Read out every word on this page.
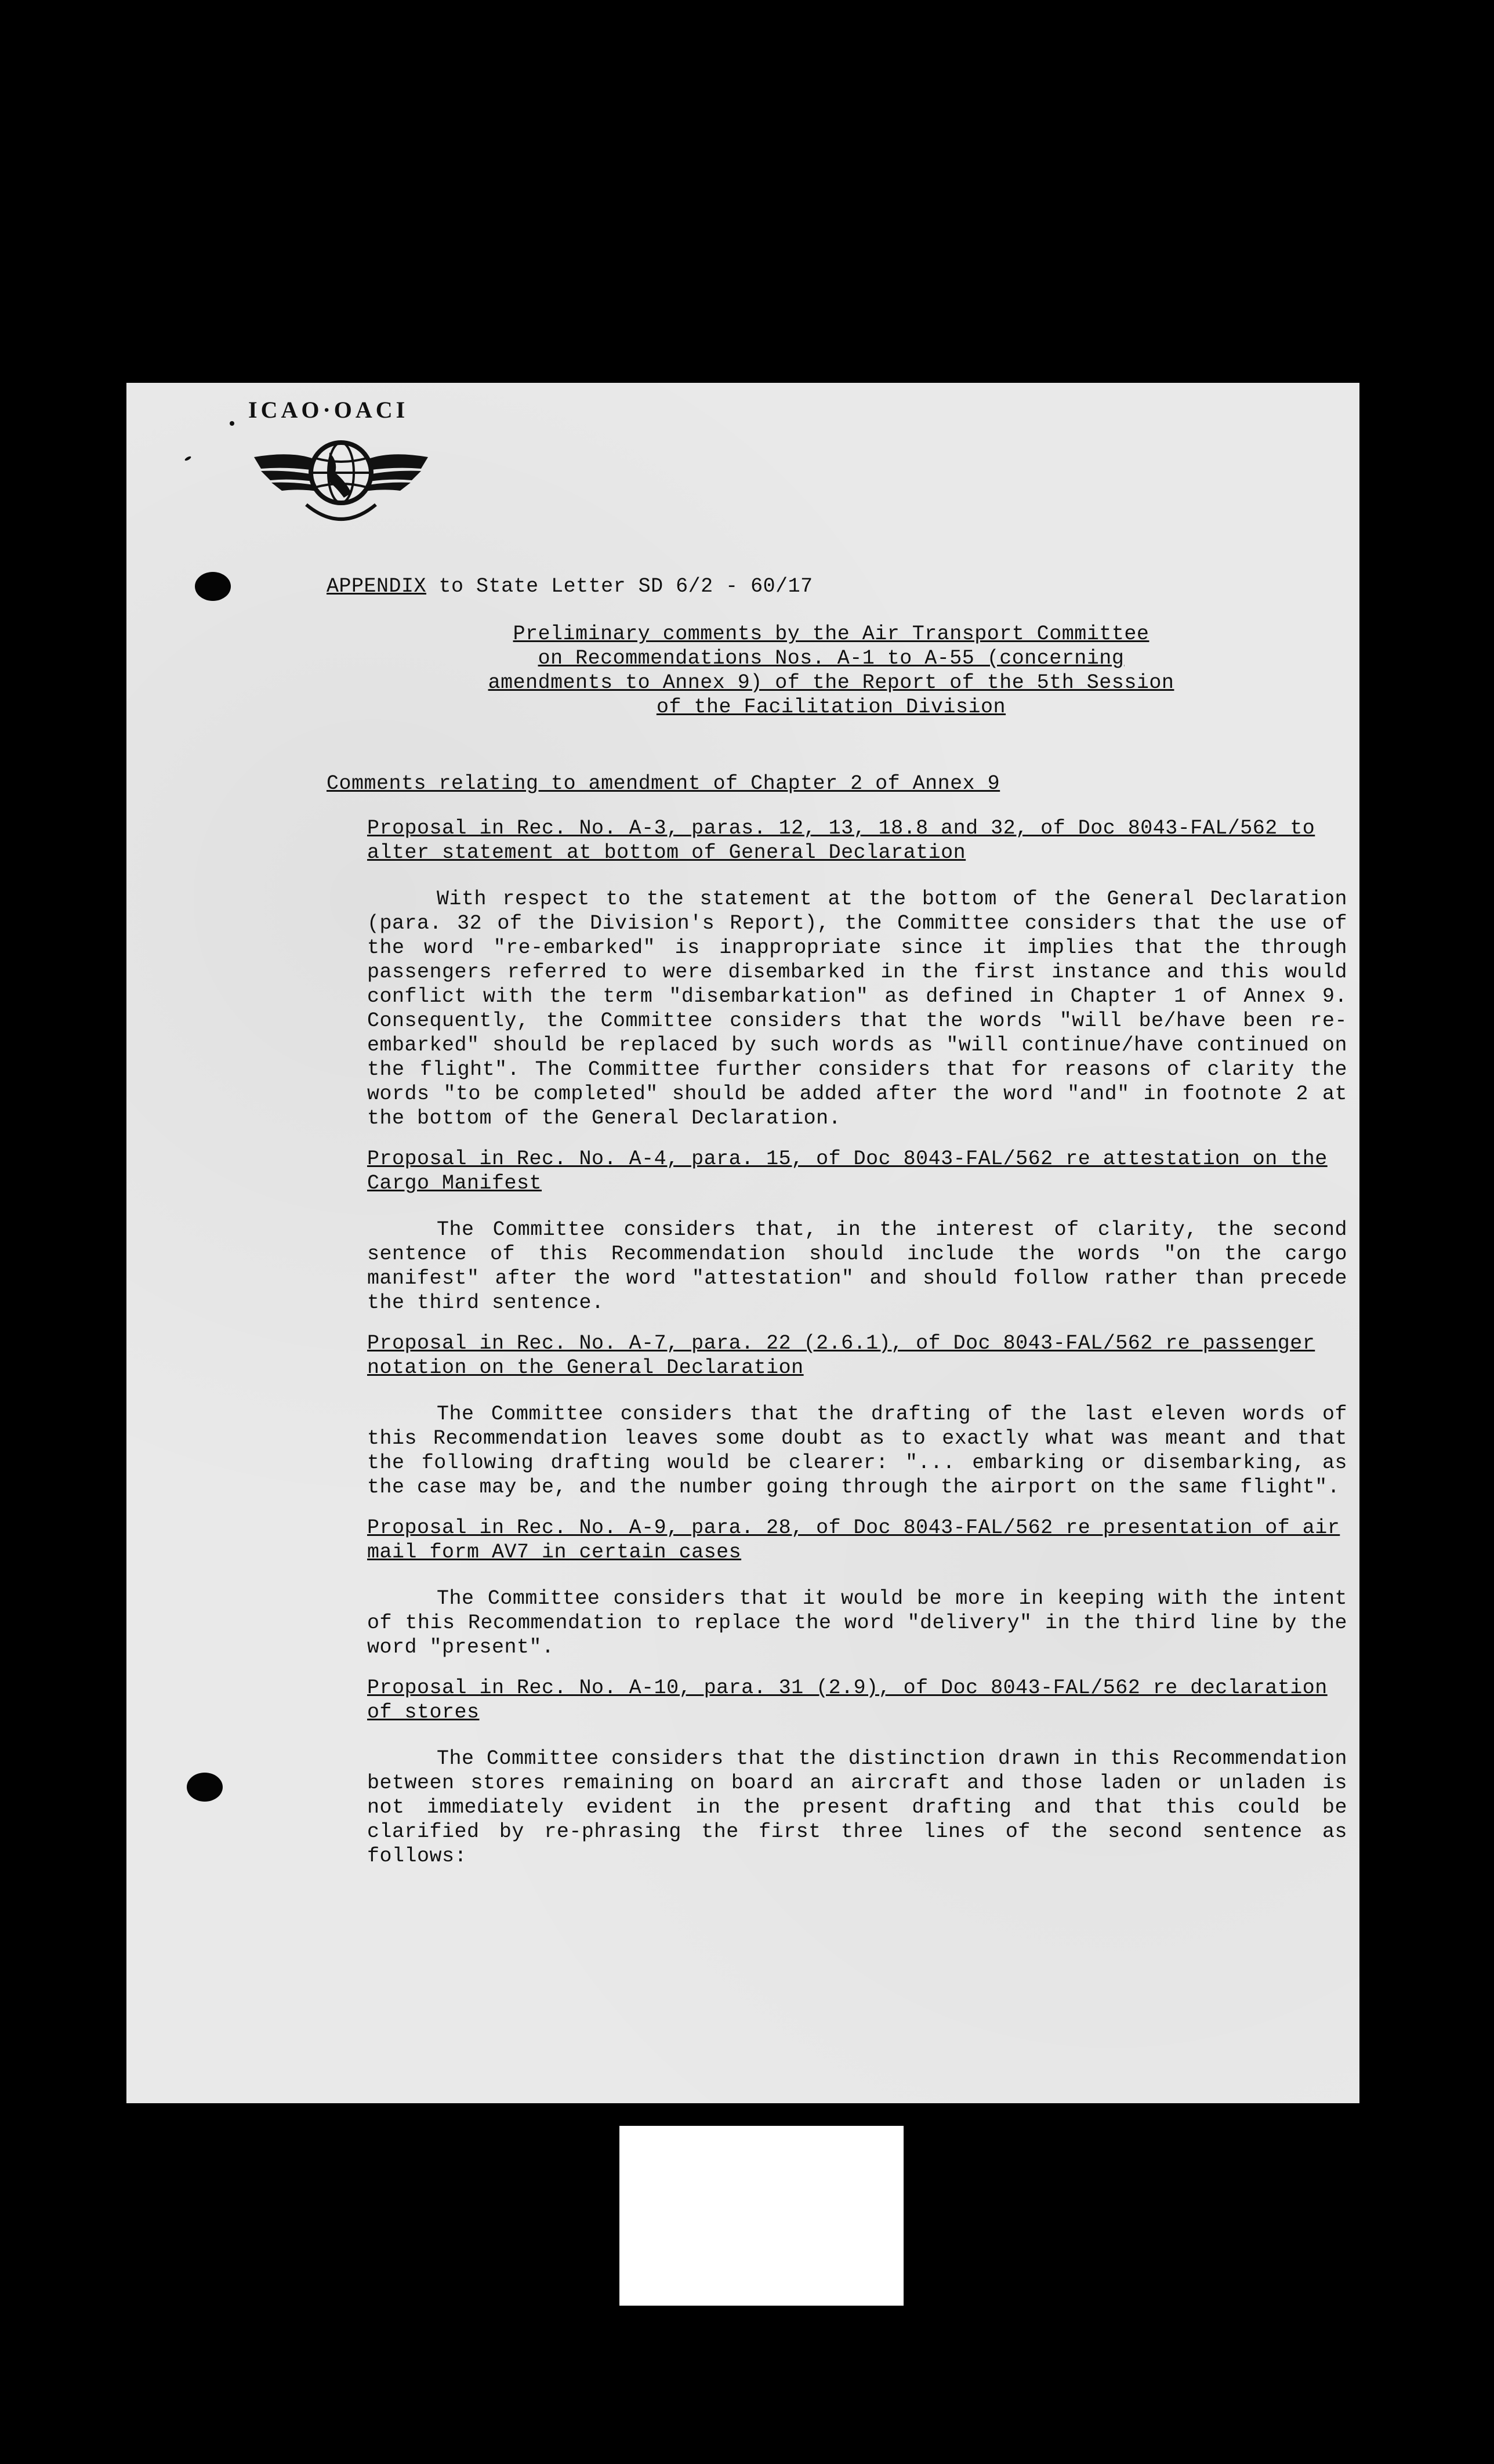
ICAO·OACI
APPENDIX to State Letter SD 6/2 - 60/17
Preliminary comments by the Air Transport Committee
on Recommendations Nos. A-1 to A-55 (concerning
amendments to Annex 9) of the Report of the 5th Session
of the Facilitation Division
Comments relating to amendment of Chapter 2 of Annex 9
Proposal in Rec. No. A-3, paras. 12, 13, 18.8 and 32, of Doc 8043-FAL/562 to alter statement at bottom of General Declaration
With respect to the statement at the bottom of the General Declaration (para. 32 of the Division's Report), the Committee considers that the use of the word "re-embarked" is inappropriate since it implies that the through passengers referred to were disembarked in the first instance and this would conflict with the term "disembarkation" as defined in Chapter 1 of Annex 9. Consequently, the Committee considers that the words "will be/have been re-embarked" should be replaced by such words as "will continue/have continued on the flight". The Committee further considers that for reasons of clarity the words "to be completed" should be added after the word "and" in footnote 2 at the bottom of the General Declaration.
Proposal in Rec. No. A-4, para. 15, of Doc 8043-FAL/562 re attestation on the Cargo Manifest
The Committee considers that, in the interest of clarity, the second sentence of this Recommendation should include the words "on the cargo manifest" after the word "attestation" and should follow rather than precede the third sentence.
Proposal in Rec. No. A-7, para. 22 (2.6.1), of Doc 8043-FAL/562 re passenger notation on the General Declaration
The Committee considers that the drafting of the last eleven words of this Recommendation leaves some doubt as to exactly what was meant and that the following drafting would be clearer: "... embarking or disembarking, as the case may be, and the number going through the airport on the same flight".
Proposal in Rec. No. A-9, para. 28, of Doc 8043-FAL/562 re presentation of air mail form AV7 in certain cases
The Committee considers that it would be more in keeping with the intent of this Recommendation to replace the word "delivery" in the third line by the word "present".
Proposal in Rec. No. A-10, para. 31 (2.9), of Doc 8043-FAL/562 re declaration of stores
The Committee considers that the distinction drawn in this Recommendation between stores remaining on board an aircraft and those laden or unladen is not immediately evident in the present drafting and that this could be clarified by re-phrasing the first three lines of the second sentence as follows:
